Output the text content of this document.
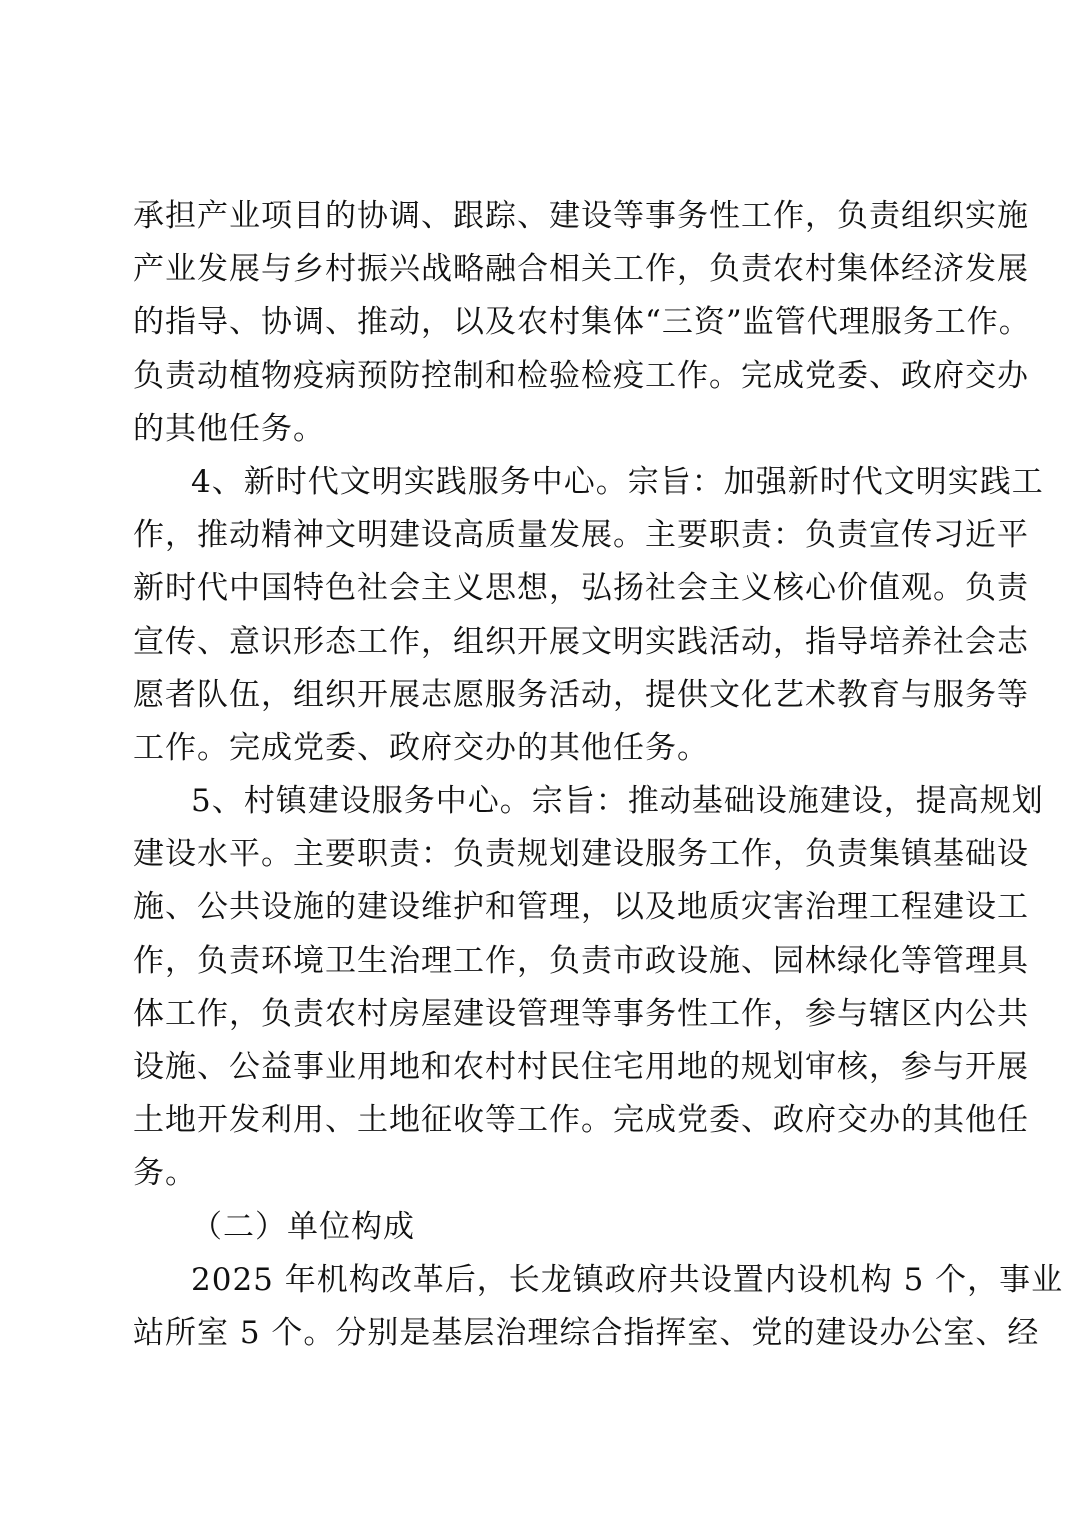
承担产业项目的协调、跟踪、建设等事务性工作，负责组织实施
产业发展与乡村振兴战略融合相关工作，负责农村集体经济发展
的指导、协调、推动，以及农村集体“三资”监管代理服务工作。
负责动植物疫病预防控制和检验检疫工作。完成党委、政府交办
的其他任务。
4、新时代文明实践服务中心。宗旨：加强新时代文明实践工
作，推动精神文明建设高质量发展。主要职责：负责宣传习近平
新时代中国特色社会主义思想，弘扬社会主义核心价值观。负责
宣传、意识形态工作，组织开展文明实践活动，指导培养社会志
愿者队伍，组织开展志愿服务活动，提供文化艺术教育与服务等
工作。完成党委、政府交办的其他任务。
5、村镇建设服务中心。宗旨：推动基础设施建设，提高规划
建设水平。主要职责：负责规划建设服务工作，负责集镇基础设
施、公共设施的建设维护和管理，以及地质灾害治理工程建设工
作，负责环境卫生治理工作，负责市政设施、园林绿化等管理具
体工作，负责农村房屋建设管理等事务性工作，参与辖区内公共
设施、公益事业用地和农村村民住宅用地的规划审核，参与开展
土地开发利用、土地征收等工作。完成党委、政府交办的其他任
务。
（二）单位构成
2025 年机构改革后，长龙镇政府共设置内设机构 5 个，事业
站所室 5 个。分别是基层治理综合指挥室、党的建设办公室、经
